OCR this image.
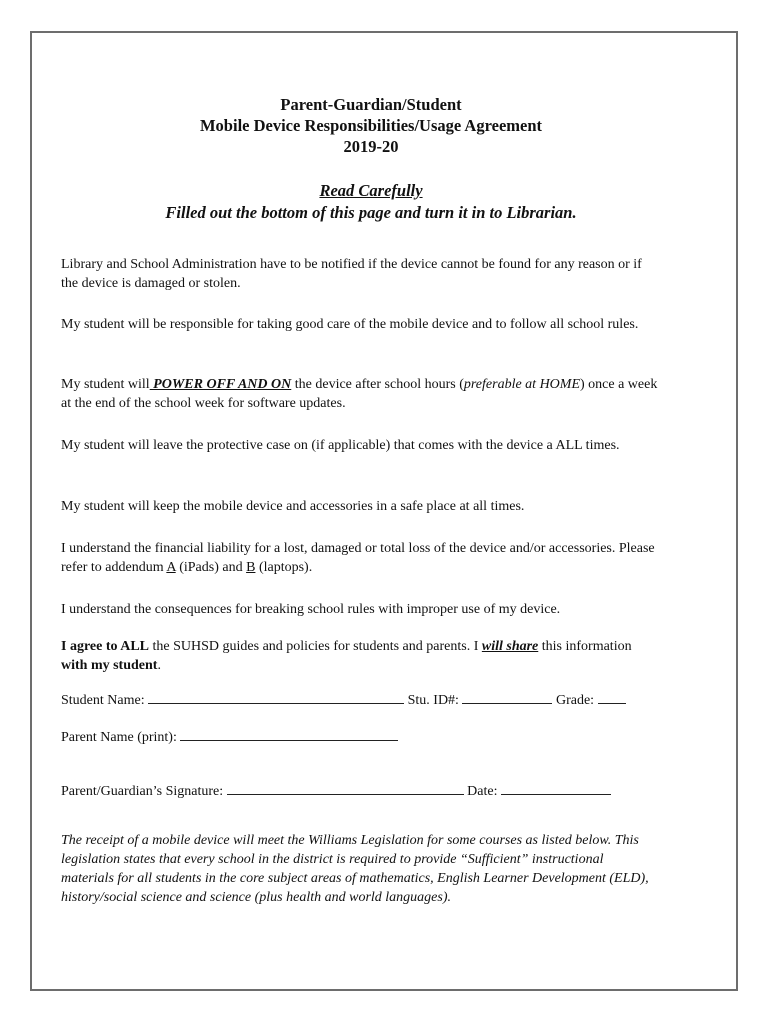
Parent-Guardian/Student
Mobile Device Responsibilities/Usage Agreement
2019-20
Read Carefully
Filled out the bottom of this page and turn it in to Librarian.
Library and School Administration have to be notified if the device cannot be found for any reason or if the device is damaged or stolen.
My student will be responsible for taking good care of the mobile device and to follow all school rules.
My student will POWER OFF AND ON the device after school hours (preferable at HOME) once a week at the end of the school week for software updates.
My student will leave the protective case on (if applicable) that comes with the device a ALL times.
My student will keep the mobile device and accessories in a safe place at all times.
I understand the financial liability for a lost, damaged or total loss of the device and/or accessories. Please refer to addendum A (iPads) and B (laptops).
I understand the consequences for breaking school rules with improper use of my device.
I agree to ALL the SUHSD guides and policies for students and parents. I will share this information with my student.
Student Name:	Stu. ID#:	Grade:
Parent Name (print):
Parent/Guardian’s Signature:	Date:
The receipt of a mobile device will meet the Williams Legislation for some courses as listed below. This legislation states that every school in the district is required to provide “Sufficient” instructional materials for all students in the core subject areas of mathematics, English Learner Development (ELD), history/social science and science (plus health and world languages).
